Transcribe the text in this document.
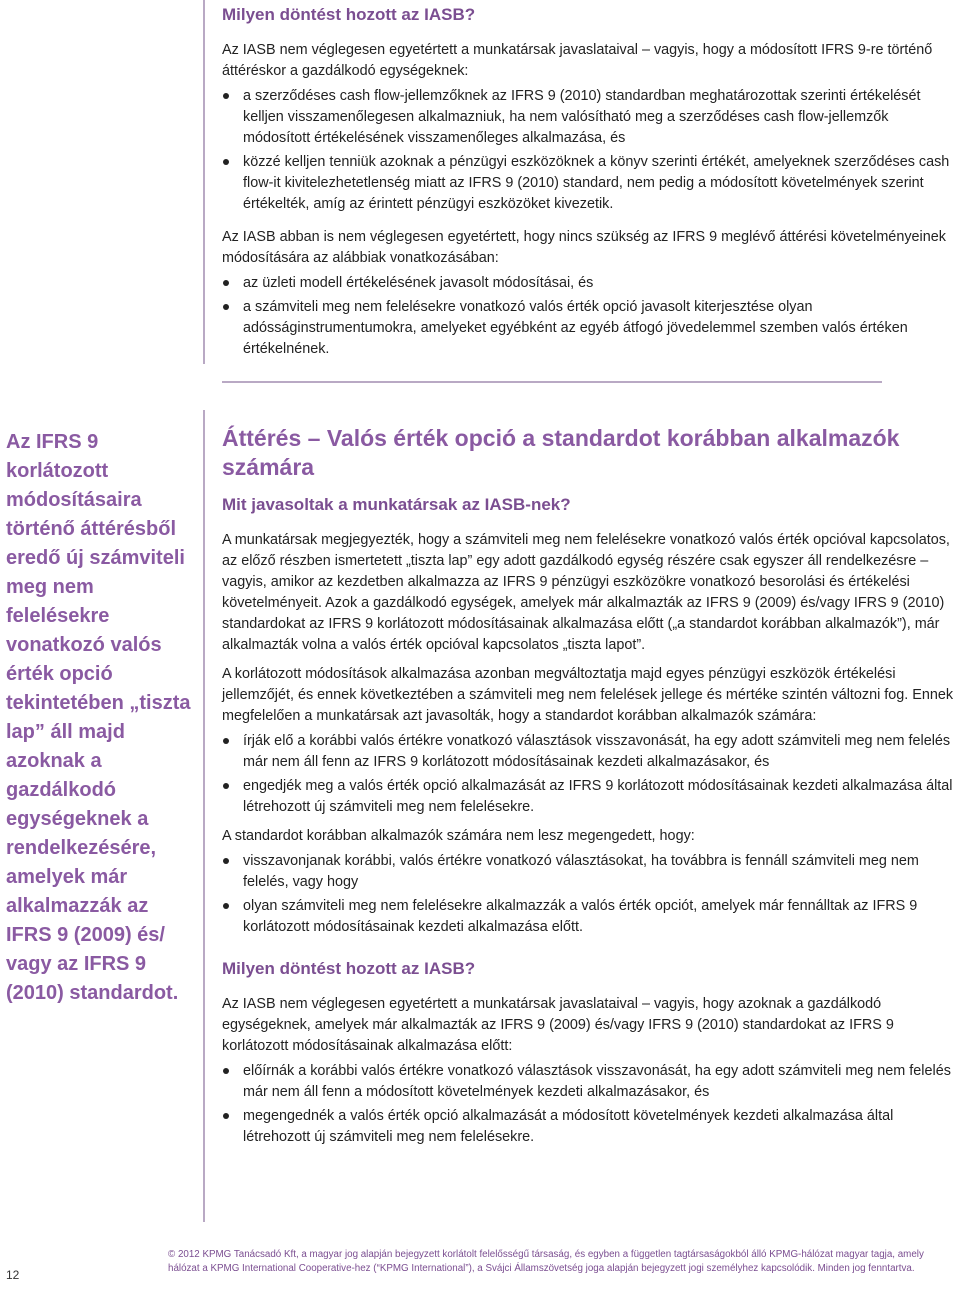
Milyen döntést hozott az IASB?

Az IASB nem véglegesen egyetértett a munkatársak javaslataival – vagyis, hogy a módosított IFRS 9-re történő áttéréskor a gazdálkodó egységeknek:

a szerződéses cash flow-jellemzőknek az IFRS 9 (2010) standardban meghatározottak szerinti értékelését kelljen visszamenőlegesen alkalmazniuk, ha nem valósítható meg a szerződéses cash flow-jellemzők módosított értékelésének visszamenőleges alkalmazása, és
közzé kelljen tenniük azoknak a pénzügyi eszközöknek a könyv szerinti értékét, amelyeknek szerződéses cash flow-it kivitelezhetetlenség miatt az IFRS 9 (2010) standard, nem pedig a módosított követelmények szerint értékelték, amíg az érintett pénzügyi eszközöket kivezetik.

Az IASB abban is nem véglegesen egyetértett, hogy nincs szükség az IFRS 9 meglévő áttérési követelményeinek módosítására az alábbiak vonatkozásában:

az üzleti modell értékelésének javasolt módosításai, és
a számviteli meg nem felelésekre vonatkozó valós érték opció javasolt kiterjesztése olyan adósságinstrumentumokra, amelyeket egyébként az egyéb átfogó jövedelemmel szemben valós értéken értékelnének.
Az IFRS 9 korlátozott módosításaira történő áttérésből eredő új számviteli meg nem felelésekre vonatkozó valós érték opció tekintetében „tiszta lap” áll majd azoknak a gazdálkodó egységeknek a rendelkezésére, amelyek már alkalmazzák az IFRS 9 (2009) és/ vagy az IFRS 9 (2010) standardot.
Áttérés – Valós érték opció a standardot korábban alkalmazók számára
Mit javasoltak a munkatársak az IASB-nek?

A munkatársak megjegyezték, hogy a számviteli meg nem felelésekre vonatkozó valós érték opcióval kapcsolatos, az előző részben ismertetett „tiszta lap” egy adott gazdálkodó egység részére csak egyszer áll rendelkezésre – vagyis, amikor az kezdetben alkalmazza az IFRS 9 pénzügyi eszközökre vonatkozó besorolási és értékelési követelményeit. Azok a gazdálkodó egységek, amelyek már alkalmazták az IFRS 9 (2009) és/vagy IFRS 9 (2010) standardokat az IFRS 9 korlátozott módosításainak alkalmazása előtt („a standardot korábban alkalmazók”), már alkalmazták volna a valós érték opcióval kapcsolatos „tiszta lapot”.

A korlátozott módosítások alkalmazása azonban megváltoztatja majd egyes pénzügyi eszközök értékelési jellemzőjét, és ennek következtében a számviteli meg nem felelések jellege és mértéke szintén változni fog. Ennek megfelelően a munkatársak azt javasolták, hogy a standardot korábban alkalmazók számára:

írják elő a korábbi valós értékre vonatkozó választások visszavonását, ha egy adott számviteli meg nem felelés már nem áll fenn az IFRS 9 korlátozott módosításainak kezdeti alkalmazásakor, és
engedjék meg a valós érték opció alkalmazását az IFRS 9 korlátozott módosításainak kezdeti alkalmazása által létrehozott új számviteli meg nem felelésekre.

A standardot korábban alkalmazók számára nem lesz megengedett, hogy:

visszavonjanak korábbi, valós értékre vonatkozó választásokat, ha továbbra is fennáll számviteli meg nem felelés, vagy hogy
olyan számviteli meg nem felelésekre alkalmazzák a valós érték opciót, amelyek már fennálltak az IFRS 9 korlátozott módosításainak kezdeti alkalmazása előtt.
Milyen döntést hozott az IASB?

Az IASB nem véglegesen egyetértett a munkatársak javaslataival – vagyis, hogy azoknak a gazdálkodó egységeknek, amelyek már alkalmazták az IFRS 9 (2009) és/vagy IFRS 9 (2010) standardokat az IFRS 9 korlátozott módosításainak alkalmazása előtt:

előírnák a korábbi valós értékre vonatkozó választások visszavonását, ha egy adott számviteli meg nem felelés már nem áll fenn a módosított követelmények kezdeti alkalmazásakor, és
megengednék a valós érték opció alkalmazását a módosított követelmények kezdeti alkalmazása által létrehozott új számviteli meg nem felelésekre.
12
© 2012 KPMG Tanácsadó Kft, a magyar jog alapján bejegyzett korlátolt felelősségű társaság, és egyben a független tagtársaságokból álló KPMG-hálózat magyar tagja, amely hálózat a KPMG International Cooperative-hez (“KPMG International”), a Svájci Államszövetség joga alapján bejegyzett jogi személyhez kapcsolódik. Minden jog fenntartva.
